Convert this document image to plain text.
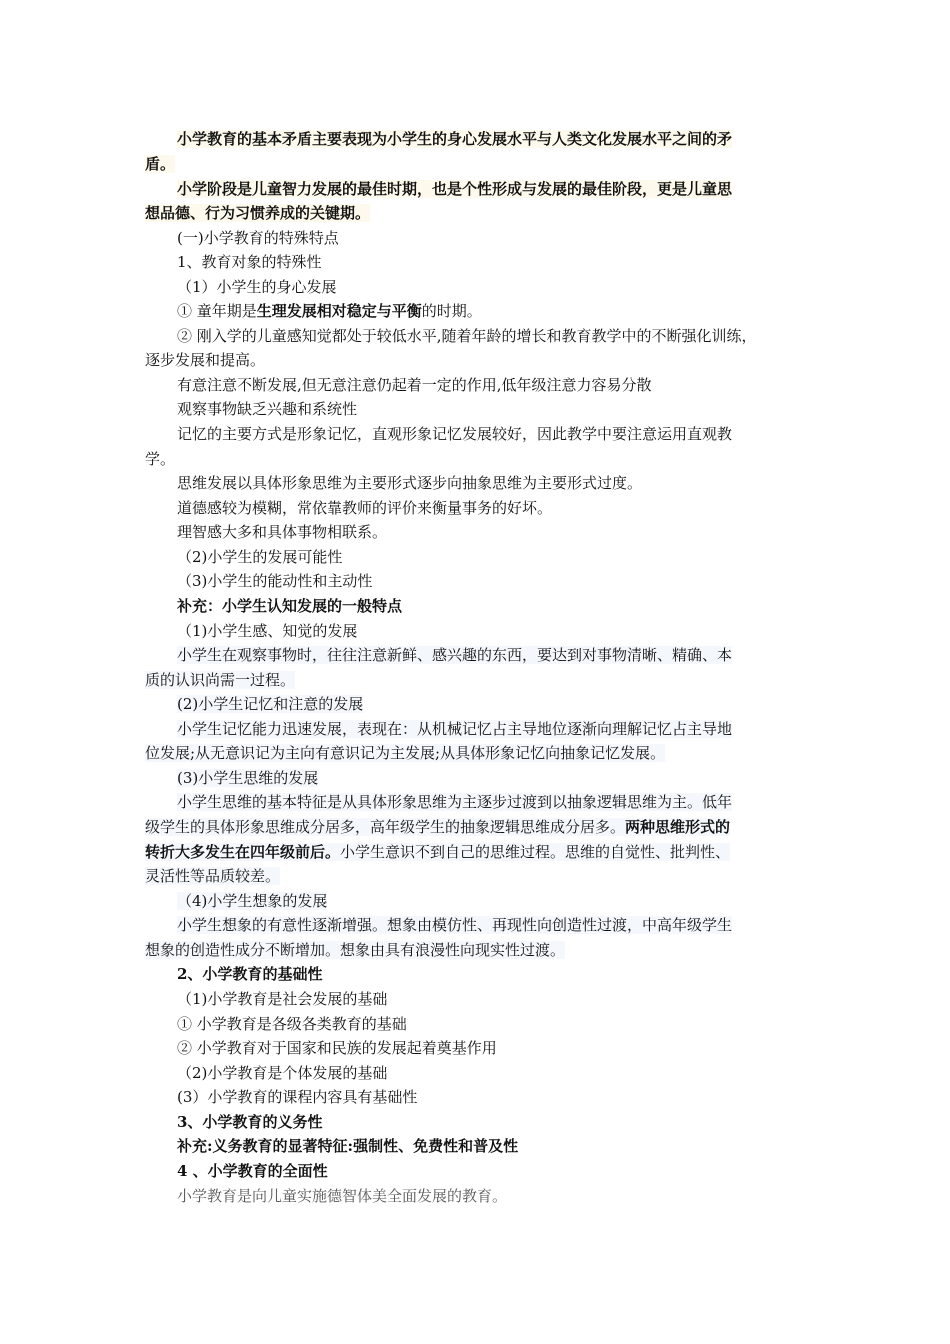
小学教育的基本矛盾主要表现为小学生的身心发展水平与人类文化发展水平之间的矛
盾。
小学阶段是儿童智力发展的最佳时期，也是个性形成与发展的最佳阶段，更是儿童思
想品德、行为习惯养成的关键期。
(一)小学教育的特殊特点
1、教育对象的特殊性
（1）小学生的身心发展
① 童年期是生理发展相对稳定与平衡的时期。
② 刚入学的儿童感知觉都处于较低水平,随着年龄的增长和教育教学中的不断强化训练，
逐步发展和提高。
有意注意不断发展,但无意注意仍起着一定的作用,低年级注意力容易分散
观察事物缺乏兴趣和系统性
记忆的主要方式是形象记忆，直观形象记忆发展较好，因此教学中要注意运用直观教
学。
思维发展以具体形象思维为主要形式逐步向抽象思维为主要形式过度。
道德感较为模糊，常依靠教师的评价来衡量事务的好坏。
理智感大多和具体事物相联系。
（2)小学生的发展可能性
（3)小学生的能动性和主动性
补充：小学生认知发展的一般特点
（1)小学生感、知觉的发展
小学生在观察事物时，往往注意新鲜、感兴趣的东西，要达到对事物清晰、精确、本
质的认识尚需一过程。
(2)小学生记忆和注意的发展
小学生记忆能力迅速发展，表现在：从机械记忆占主导地位逐渐向理解记忆占主导地
位发展;从无意识记为主向有意识记为主发展;从具体形象记忆向抽象记忆发展。
(3)小学生思维的发展
小学生思维的基本特征是从具体形象思维为主逐步过渡到以抽象逻辑思维为主。低年
级学生的具体形象思维成分居多，高年级学生的抽象逻辑思维成分居多。两种思维形式的
转折大多发生在四年级前后。小学生意识不到自己的思维过程。思维的自觉性、批判性、
灵活性等品质较差。
（4)小学生想象的发展
小学生想象的有意性逐渐增强。想象由模仿性、再现性向创造性过渡，中高年级学生
想象的创造性成分不断增加。想象由具有浪漫性向现实性过渡。
2、小学教育的基础性
（1)小学教育是社会发展的基础
① 小学教育是各级各类教育的基础
② 小学教育对于国家和民族的发展起着奠基作用
（2)小学教育是个体发展的基础
(3）小学教育的课程内容具有基础性
3、小学教育的义务性
补充:义务教育的显著特征:强制性、免费性和普及性
4 、小学教育的全面性
小学教育是向儿童实施德智体美全面发展的教育。
